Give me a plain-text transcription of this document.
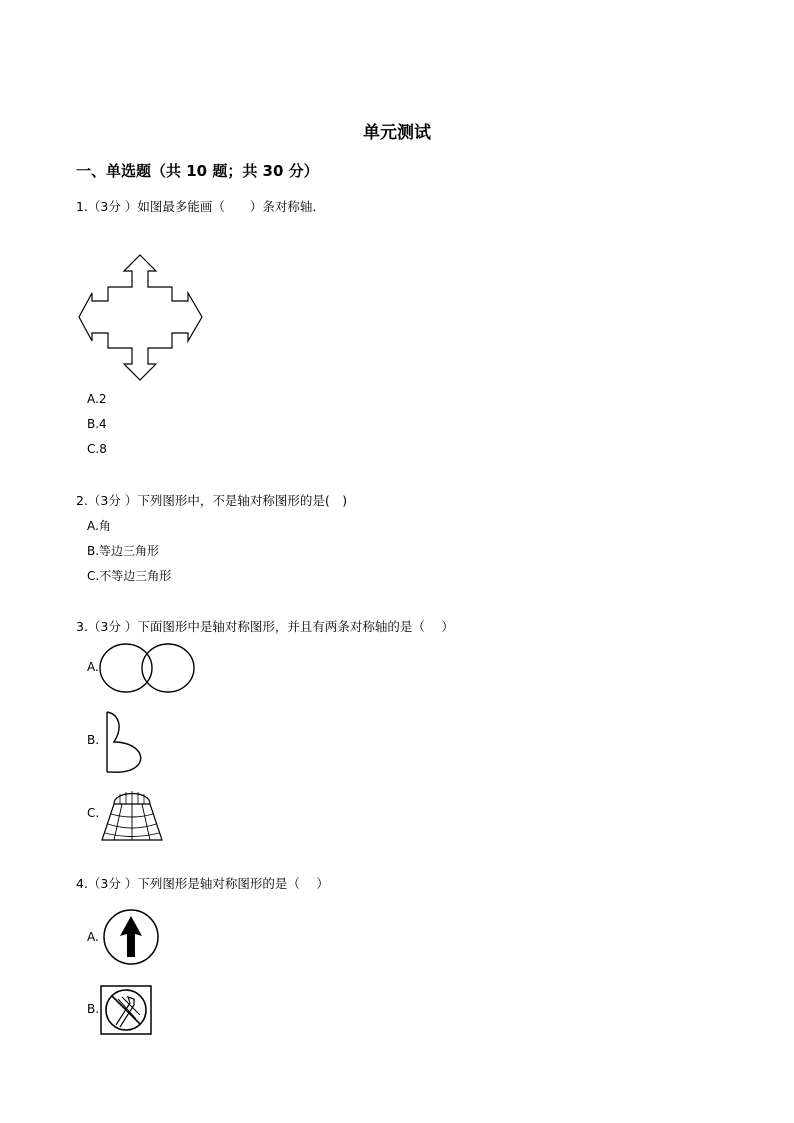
单元测试
一、单选题（共 10 题；共 30 分）
1.（3分 ）如图最多能画（　　）条对称轴．
A.2
B.4
C.8
2.（3分 ）下列图形中，不是轴对称图形的是(　)
A.角
B.等边三角形
C.不等边三角形
3.（3分 ）下面图形中是轴对称图形，并且有两条对称轴的是（　 ）
A.
B.
C.
4.（3分 ）下列图形是轴对称图形的是（　 ）
A.
B.
